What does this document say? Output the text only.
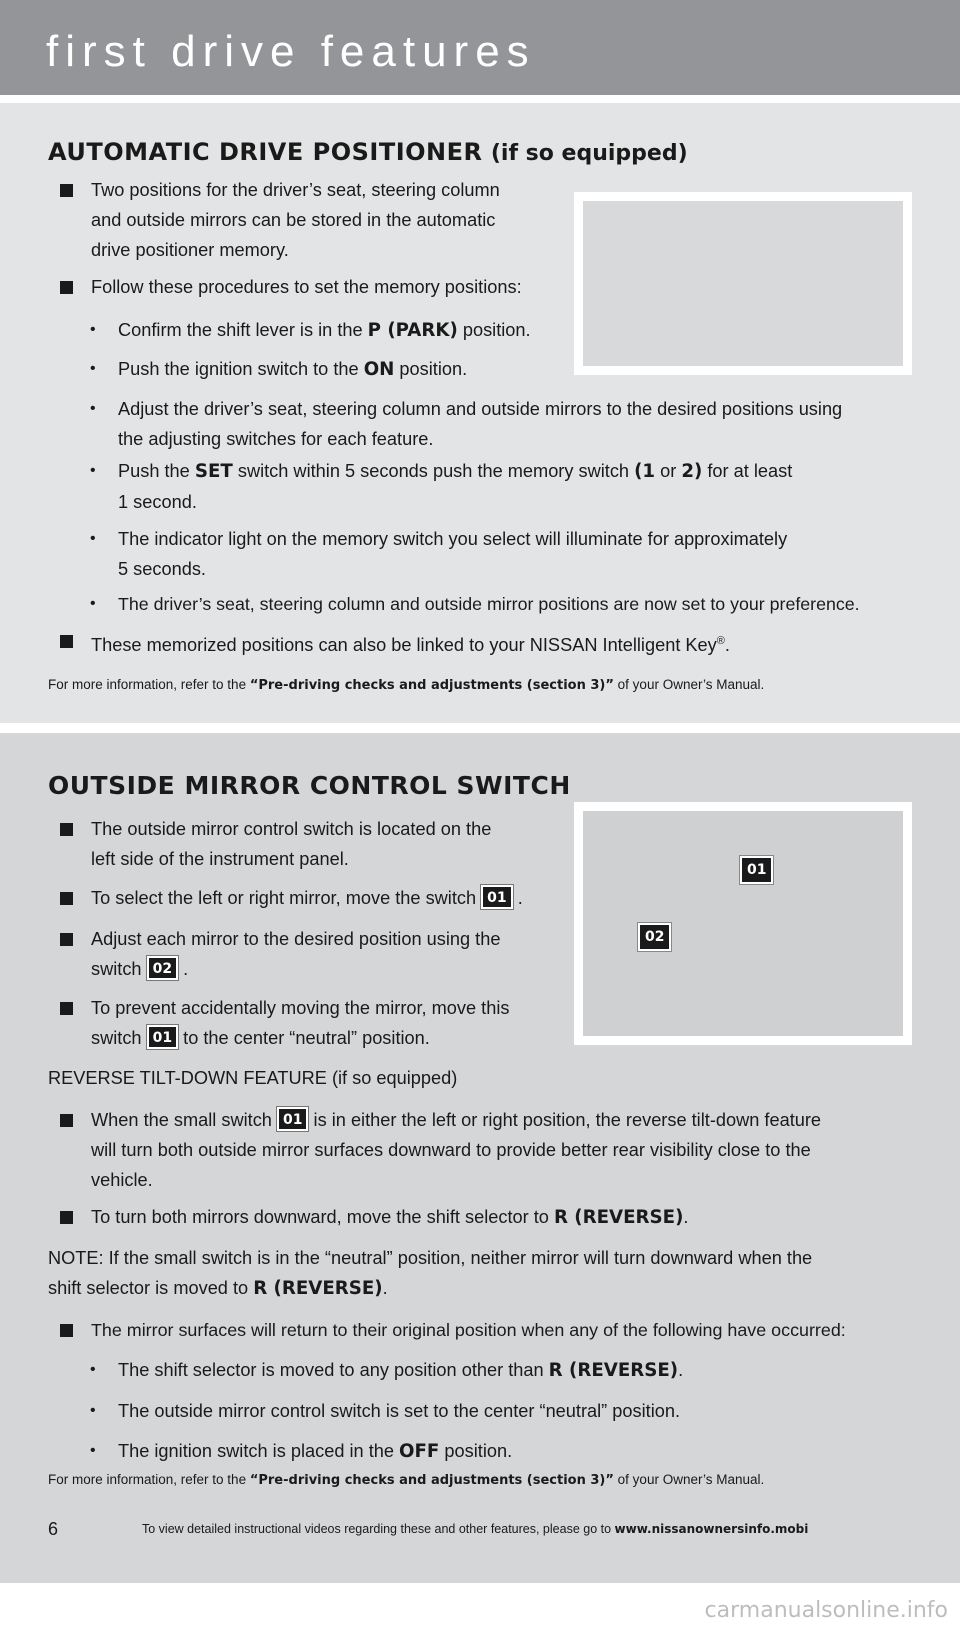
first drive features
AUTOMATIC DRIVE POSITIONER (if so equipped)
Two positions for the driver’s seat, steering column
and outside mirrors can be stored in the automatic
drive positioner memory.
Follow these procedures to set the memory positions:
• Confirm the shift lever is in the P (PARK) position.
• Push the ignition switch to the ON position.
• Adjust the driver’s seat, steering column and outside mirrors to the desired positions using
the adjusting switches for each feature.
• Push the SET switch within 5 seconds push the memory switch (1 or 2) for at least
1 second.
• The indicator light on the memory switch you select will illuminate for approximately
5 seconds.
• The driver’s seat, steering column and outside mirror positions are now set to your preference.
These memorized positions can also be linked to your NISSAN Intelligent Key®.
For more information, refer to the “Pre-driving checks and adjustments (section 3)” of your Owner’s Manual.
OUTSIDE MIRROR CONTROL SWITCH
The outside mirror control switch is located on the
left side of the instrument panel.
To select the left or right mirror, move the switch 01 .
Adjust each mirror to the desired position using the
switch 02 .
To prevent accidentally moving the mirror, move this
switch 01 to the center “neutral” position.
REVERSE TILT-DOWN FEATURE (if so equipped)
When the small switch 01 is in either the left or right position, the reverse tilt-down feature
will turn both outside mirror surfaces downward to provide better rear visibility close to the
vehicle.
To turn both mirrors downward, move the shift selector to R (REVERSE).
NOTE: If the small switch is in the “neutral” position, neither mirror will turn downward when the
shift selector is moved to R (REVERSE).
The mirror surfaces will return to their original position when any of the following have occurred:
• The shift selector is moved to any position other than R (REVERSE).
• The outside mirror control switch is set to the center “neutral” position.
• The ignition switch is placed in the OFF position.
For more information, refer to the “Pre-driving checks and adjustments (section 3)” of your Owner’s Manual.
01
02
6	To view detailed instructional videos regarding these and other features, please go to www.nissanownersinfo.mobi
carmanualsonline.info
